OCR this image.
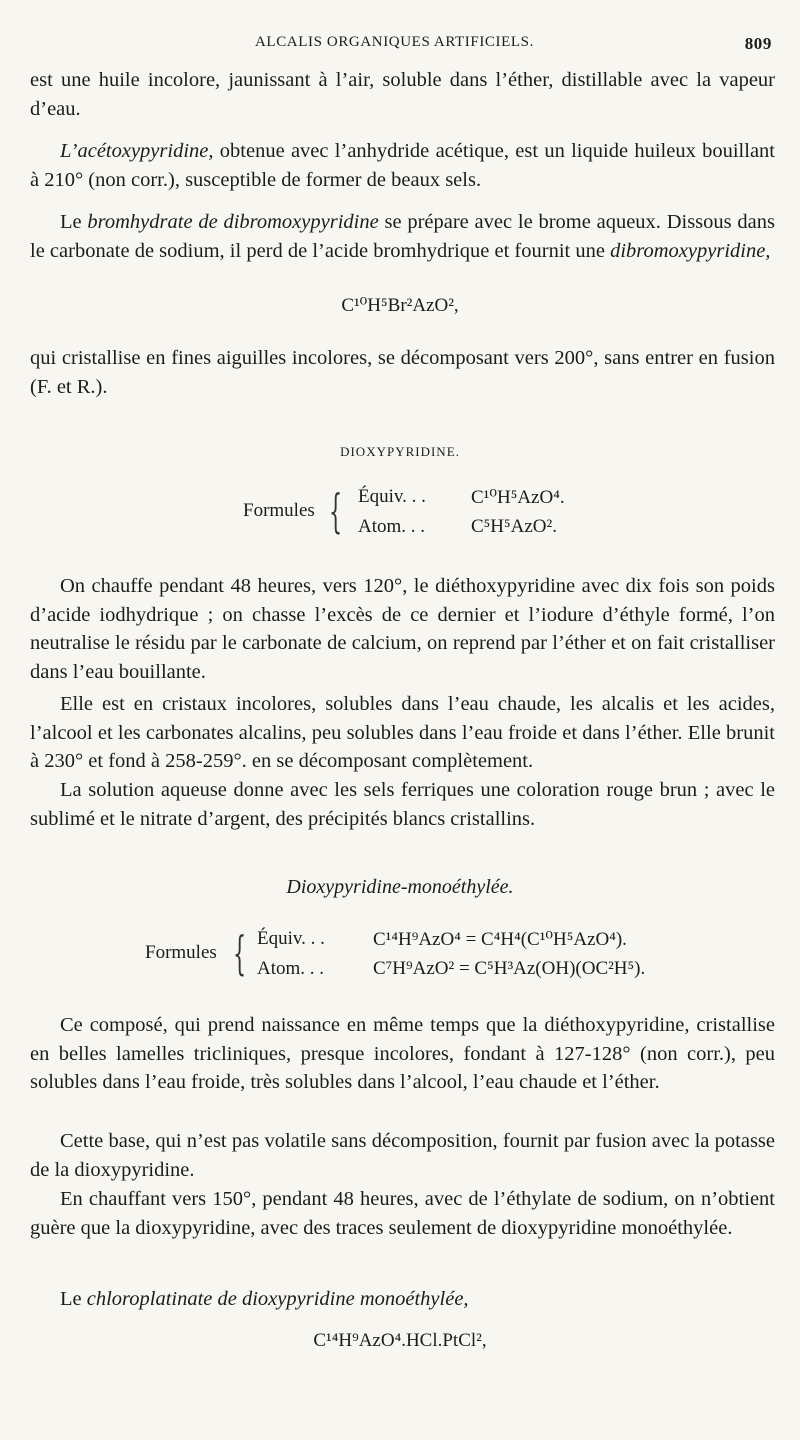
ALCALIS ORGANIQUES ARTIFICIELS.	809
est une huile incolore, jaunissant à l’air, soluble dans l’éther, distillable avec la vapeur d’eau.
L’acétoxypyridine, obtenue avec l’anhydride acétique, est un liquide huileux bouillant à 210° (non corr.), susceptible de former de beaux sels.
Le bromhydrate de dibromoxypyridine se prépare avec le brome aqueux. Dissous dans le carbonate de sodium, il perd de l’acide bromhydrique et fournit une dibromoxypyridine,
C¹⁰H⁵Br²AzO²,
qui cristallise en fines aiguilles incolores, se décomposant vers 200°, sans entrer en fusion (F. et R.).
DIOXYPYRIDINE.
Formules { Équiv. . . C¹⁰H⁵AzO⁴.
Atom. . . C⁵H⁵AzO².
On chauffe pendant 48 heures, vers 120°, le diéthoxypyridine avec dix fois son poids d’acide iodhydrique ; on chasse l’excès de ce dernier et l’iodure d’éthyle formé, l’on neutralise le résidu par le carbonate de calcium, on reprend par l’éther et on fait cristalliser dans l’eau bouillante.
Elle est en cristaux incolores, solubles dans l’eau chaude, les alcalis et les acides, l’alcool et les carbonates alcalins, peu solubles dans l’eau froide et dans l’éther. Elle brunit à 230° et fond à 258-259°. en se décomposant complètement.
La solution aqueuse donne avec les sels ferriques une coloration rouge brun ; avec le sublimé et le nitrate d’argent, des précipités blancs cristallins.
Dioxypyridine-monoéthylée.
Formules { Équiv. . .	C¹⁴H⁹AzO⁴ = C⁴H⁴(C¹⁰H⁵AzO⁴).
Atom. . .	C⁷H⁹AzO² = C⁵H³Az(OH)(OC²H⁵).
Ce composé, qui prend naissance en même temps que la diéthoxypyridine, cristallise en belles lamelles tricliniques, presque incolores, fondant à 127-128° (non corr.), peu solubles dans l’eau froide, très solubles dans l’alcool, l’eau chaude et l’éther.
Cette base, qui n’est pas volatile sans décomposition, fournit par fusion avec la potasse de la dioxypyridine.
En chauffant vers 150°, pendant 48 heures, avec de l’éthylate de sodium, on n’obtient guère que la dioxypyridine, avec des traces seulement de dioxypyridine monoéthylée.
Le chloroplatinate de dioxypyridine monoéthylée,
C¹⁴H⁹AzO⁴.HCl.PtCl²,
